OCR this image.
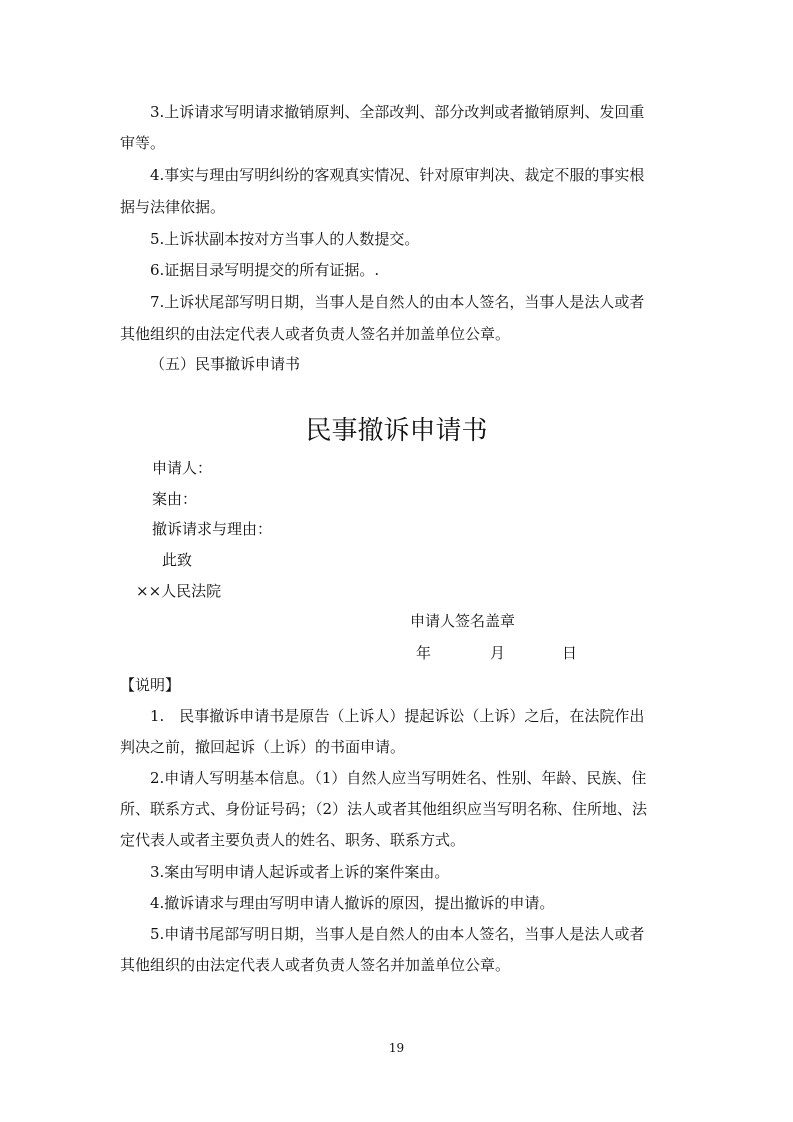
3.上诉请求写明请求撤销原判、全部改判、部分改判或者撤销原判、发回重
审等。
4.事实与理由写明纠纷的客观真实情况、针对原审判决、裁定不服的事实根
据与法律依据。
5.上诉状副本按对方当事人的人数提交。
6.证据目录写明提交的所有证据。.
7.上诉状尾部写明日期，当事人是自然人的由本人签名，当事人是法人或者
其他组织的由法定代表人或者负责人签名并加盖单位公章。
（五）民事撤诉申请书
民事撤诉申请书
申请人：
案由：
撤诉请求与理由：
此致
××人民法院
申请人签名盖章
年	月	日
【说明】
1.　民事撤诉申请书是原告（上诉人）提起诉讼（上诉）之后，在法院作出
判决之前，撤回起诉（上诉）的书面申请。
2.申请人写明基本信息。（1）自然人应当写明姓名、性别、年龄、民族、住
所、联系方式、身份证号码；（2）法人或者其他组织应当写明名称、住所地、法
定代表人或者主要负责人的姓名、职务、联系方式。
3.案由写明申请人起诉或者上诉的案件案由。
4.撤诉请求与理由写明申请人撤诉的原因，提出撤诉的申请。
5.申请书尾部写明日期，当事人是自然人的由本人签名，当事人是法人或者
其他组织的由法定代表人或者负责人签名并加盖单位公章。
19
